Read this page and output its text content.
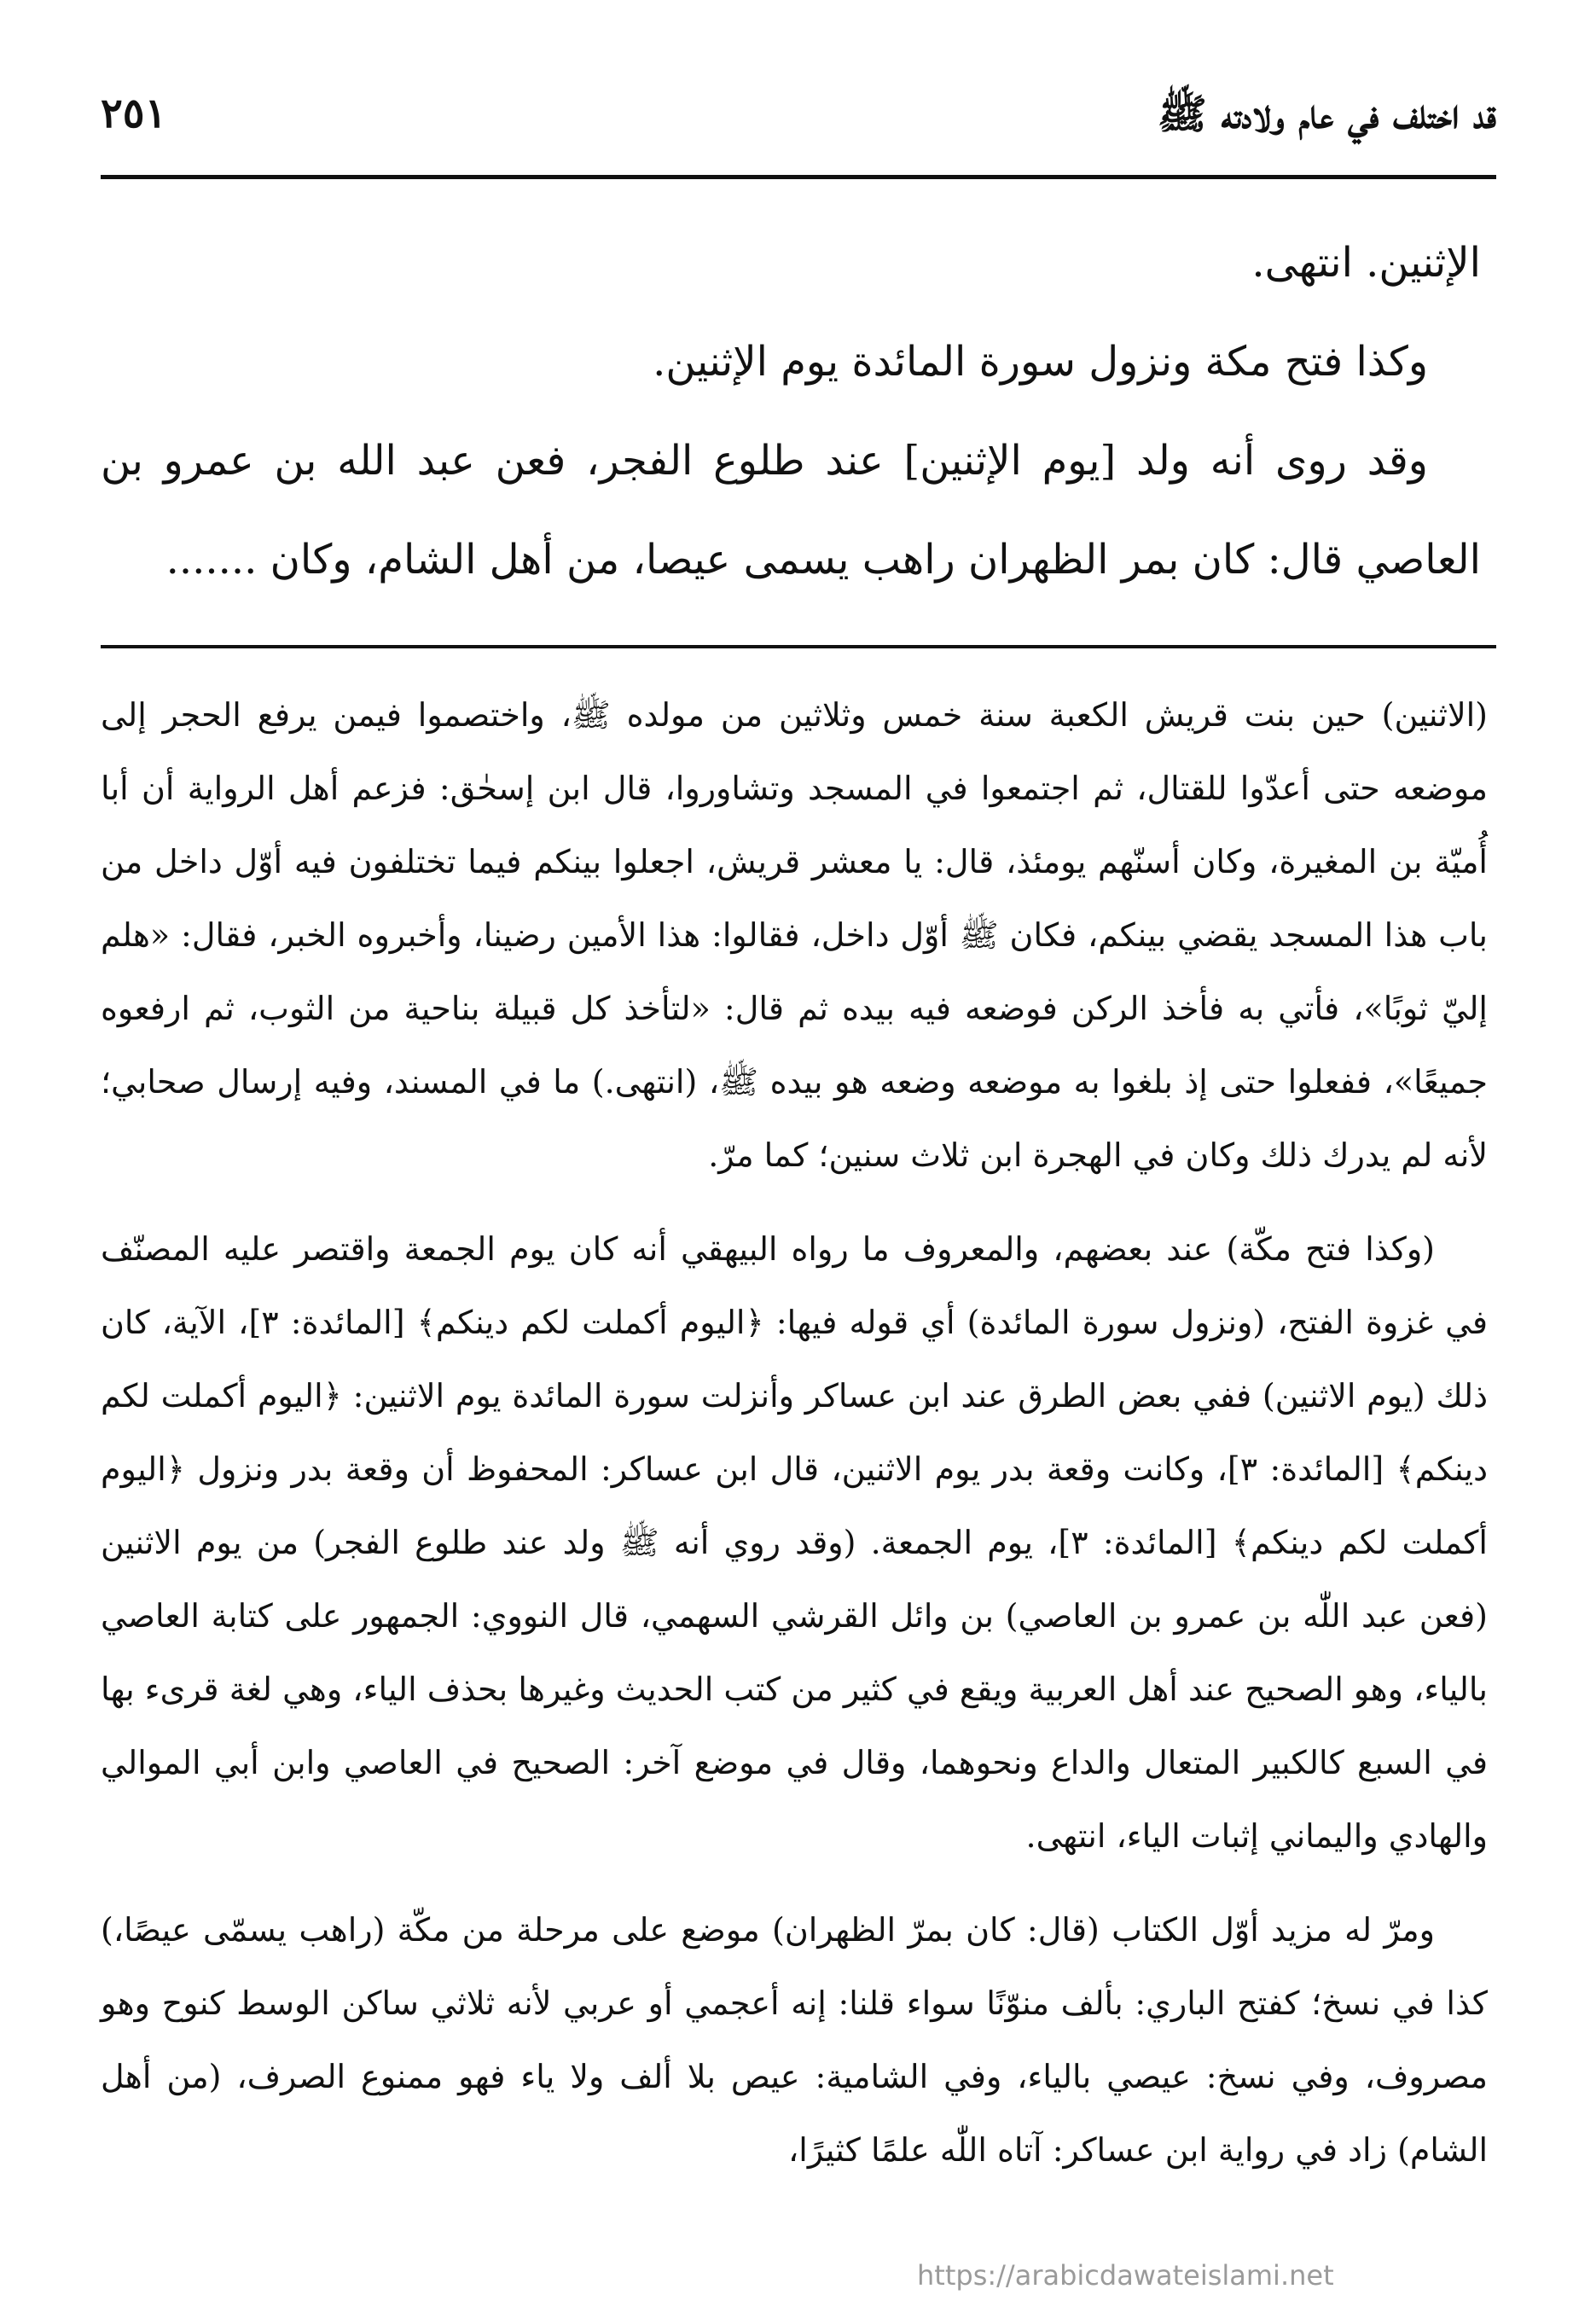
قد اختلف في عام ولادته ﷺ
٢٥١

الإثنين. انتهى.

وكذا فتح مكة ونزول سورة المائدة يوم الإثنين.

وقد روى أنه ولد [يوم الإثنين] عند طلوع الفجر، فعن عبد الله بن عمرو بن العاصي قال: كان بمر الظهران راهب يسمى عيصا، من أهل الشام، وكان .......

(الاثنين) حين بنت قريش الكعبة سنة خمس وثلاثين من مولده ﷺ، واختصموا فيمن يرفع الحجر إلى موضعه حتى أعدّوا للقتال، ثم اجتمعوا في المسجد وتشاوروا، قال ابن إسحٰق: فزعم أهل الرواية أن أبا أُميّة بن المغيرة، وكان أسنّهم يومئذ، قال: يا معشر قريش، اجعلوا بينكم فيما تختلفون فيه أوّل داخل من باب هذا المسجد يقضي بينكم، فكان ﷺ أوّل داخل، فقالوا: هذا الأمين رضينا، وأخبروه الخبر، فقال: «هلم إليّ ثوبًا»، فأتي به فأخذ الركن فوضعه فيه بيده ثم قال: «لتأخذ كل قبيلة بناحية من الثوب، ثم ارفعوه جميعًا»، ففعلوا حتى إذ بلغوا به موضعه وضعه هو بيده ﷺ، (انتهى.) ما في المسند، وفيه إرسال صحابي؛ لأنه لم يدرك ذلك وكان في الهجرة ابن ثلاث سنين؛ كما مرّ.

(وكذا فتح مكّة) عند بعضهم، والمعروف ما رواه البيهقي أنه كان يوم الجمعة واقتصر عليه المصنّف في غزوة الفتح، (ونزول سورة المائدة) أي قوله فيها: ﴿اليوم أكملت لكم دينكم﴾ [المائدة: ٣]، الآية، كان ذلك (يوم الاثنين) ففي بعض الطرق عند ابن عساكر وأنزلت سورة المائدة يوم الاثنين: ﴿اليوم أكملت لكم دينكم﴾ [المائدة: ٣]، وكانت وقعة بدر يوم الاثنين، قال ابن عساكر: المحفوظ أن وقعة بدر ونزول ﴿اليوم أكملت لكم دينكم﴾ [المائدة: ٣]، يوم الجمعة. (وقد روي أنه ﷺ ولد عند طلوع الفجر) من يوم الاثنين (فعن عبد اللّٰه بن عمرو بن العاصي) بن وائل القرشي السهمي، قال النووي: الجمهور على كتابة العاصي بالياء، وهو الصحيح عند أهل العربية ويقع في كثير من كتب الحديث وغيرها بحذف الياء، وهي لغة قرىء بها في السبع كالكبير المتعال والداع ونحوهما، وقال في موضع آخر: الصحيح في العاصي وابن أبي الموالي والهادي واليماني إثبات الياء، انتهى.

ومرّ له مزيد أوّل الكتاب (قال: كان بمرّ الظهران) موضع على مرحلة من مكّة (راهب يسمّى عيصًا،) كذا في نسخ؛ كفتح الباري: بألف منوّنًا سواء قلنا: إنه أعجمي أو عربي لأنه ثلاثي ساكن الوسط كنوح وهو مصروف، وفي نسخ: عيصي بالياء، وفي الشامية: عيص بلا ألف ولا ياء فهو ممنوع الصرف، (من أهل الشام) زاد في رواية ابن عساكر: آتاه اللّٰه علمًا كثيرًا،

https://arabicdawateislami.net
